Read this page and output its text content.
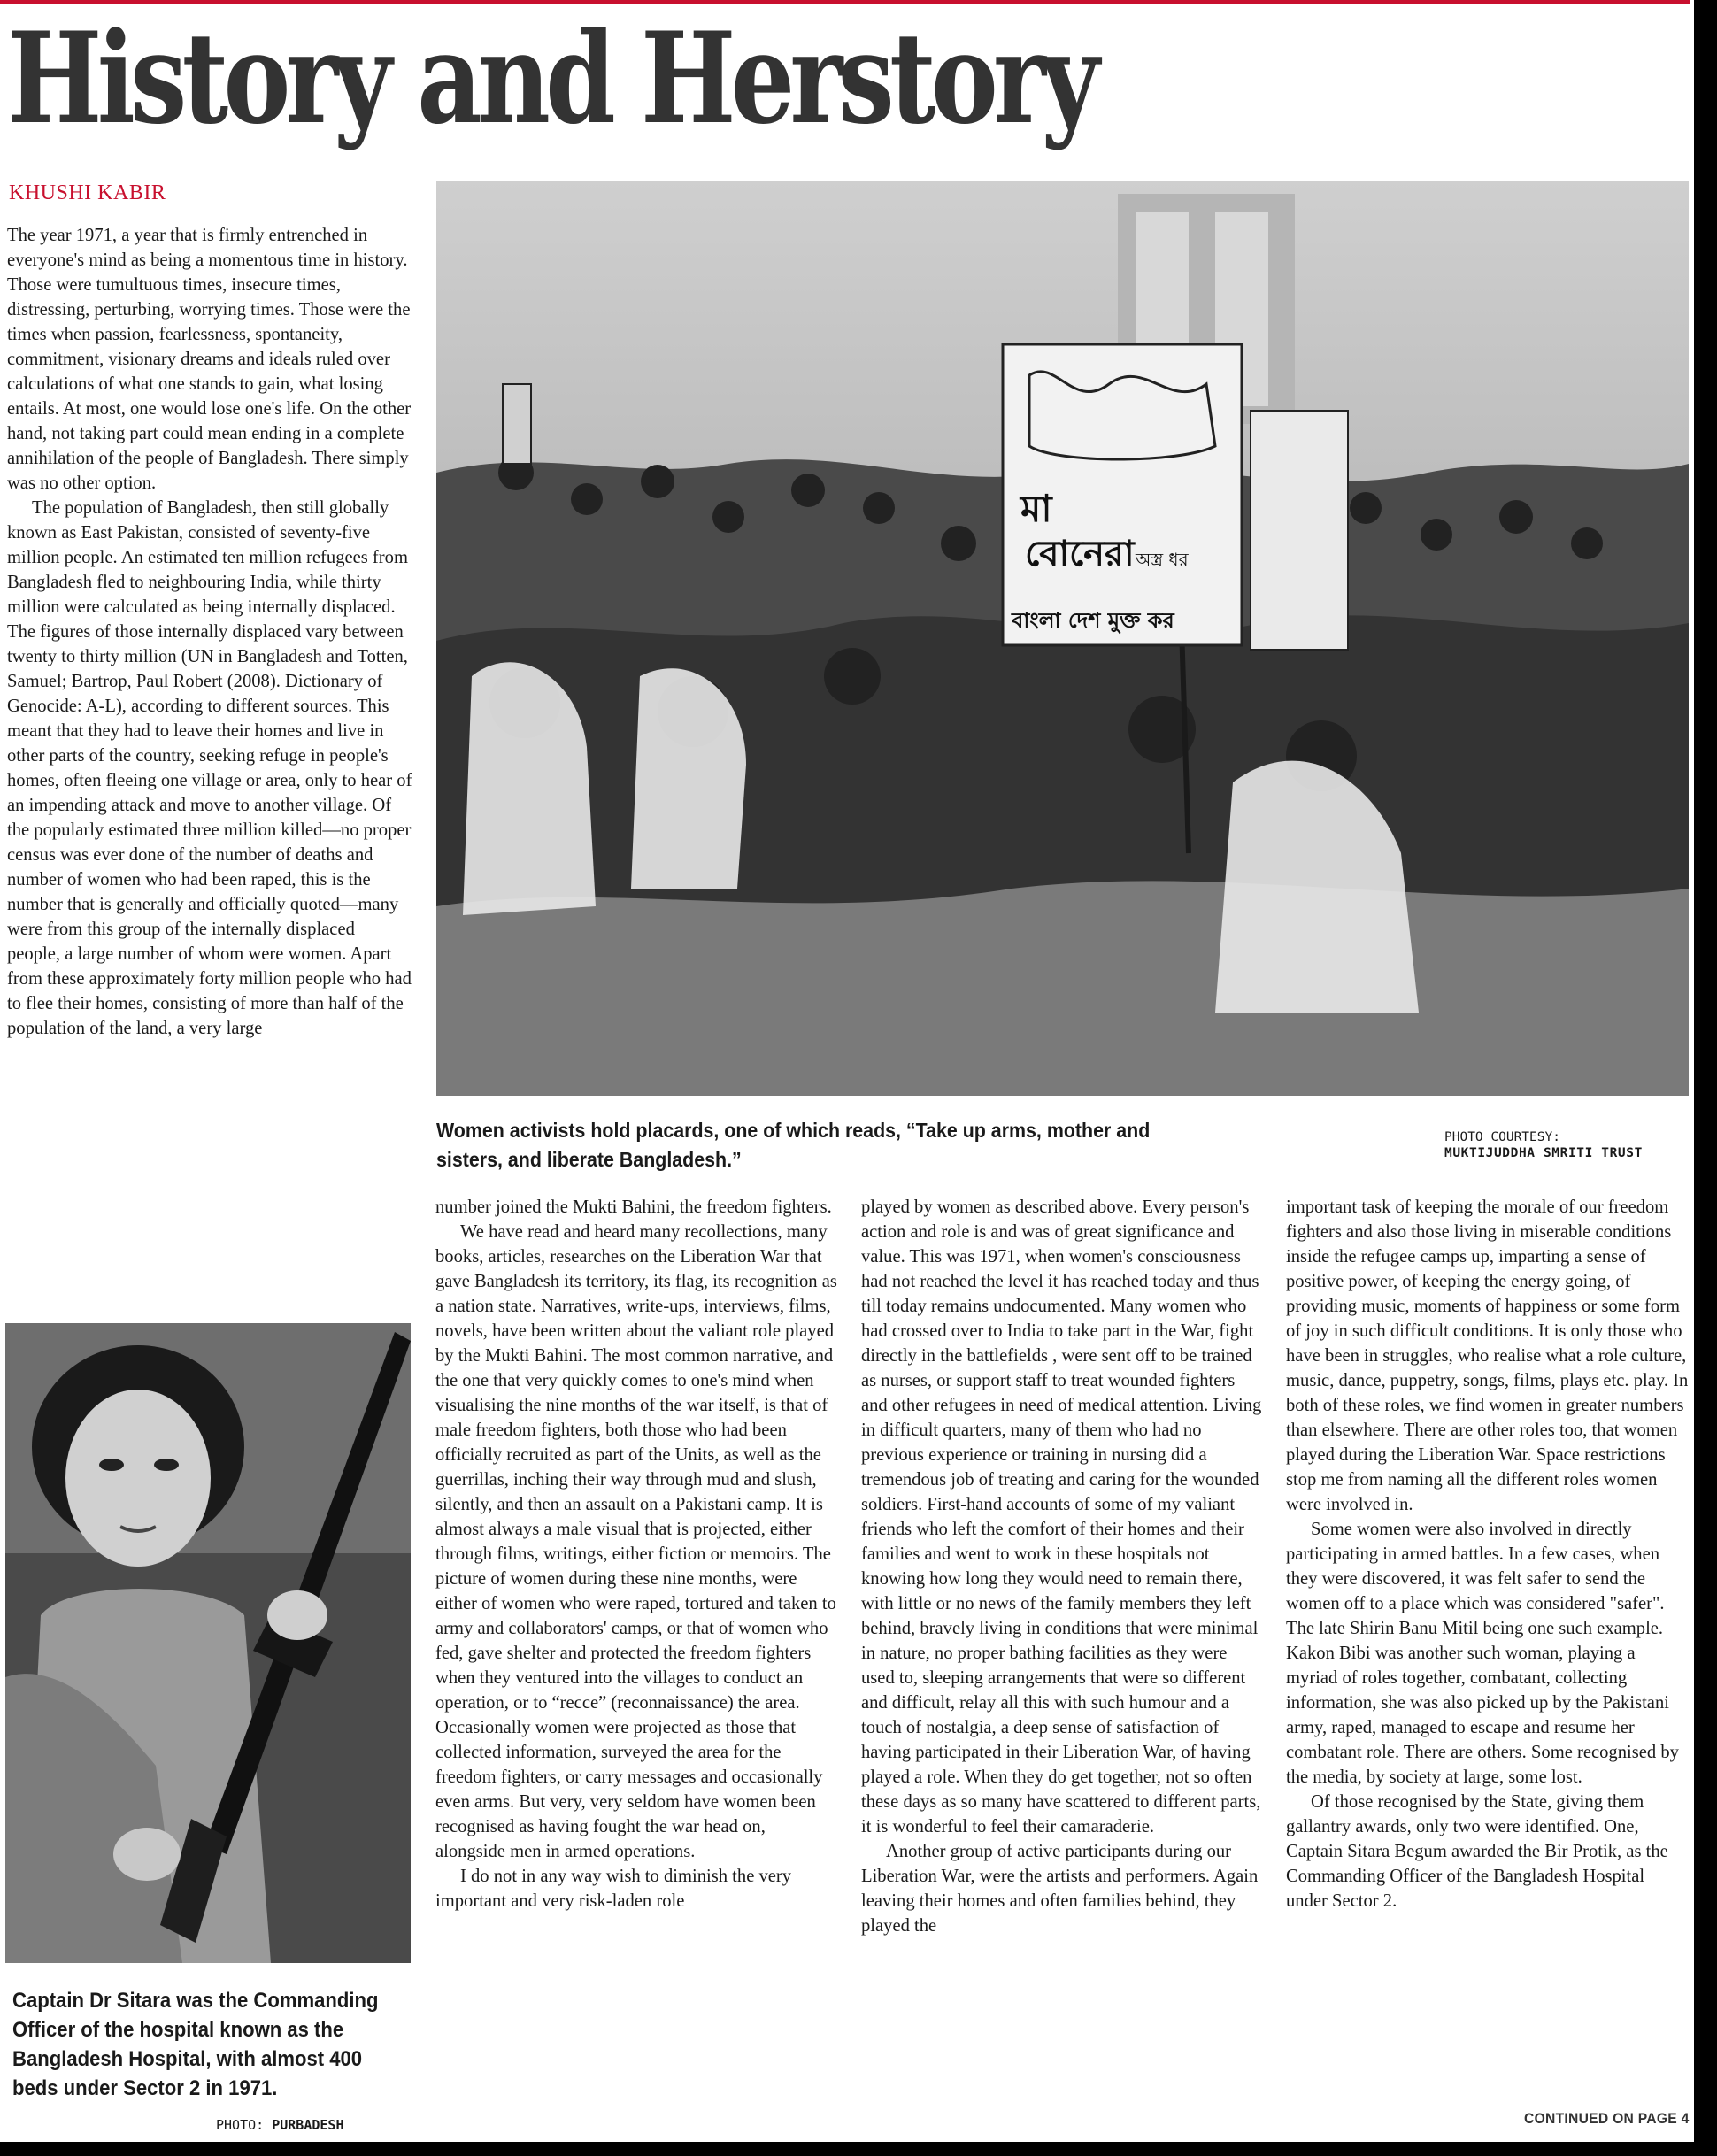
History and Herstory
KHUSHI KABIR

The year 1971, a year that is firmly entrenched in everyone's mind as being a momentous time in history. Those were tumultuous times, insecure times, distressing, perturbing, worrying times. Those were the times when passion, fearlessness, spontaneity, commitment, visionary dreams and ideals ruled over calculations of what one stands to gain, what losing entails. At most, one would lose one's life. On the other hand, not taking part could mean ending in a complete annihilation of the people of Bangladesh. There simply was no other option.

The population of Bangladesh, then still globally known as East Pakistan, consisted of seventy-five million people. An estimated ten million refugees from Bangladesh fled to neighbouring India, while thirty million were calculated as being internally displaced. The figures of those internally displaced vary between twenty to thirty million (UN in Bangladesh and Totten, Samuel; Bartrop, Paul Robert (2008). Dictionary of Genocide: A-L), according to different sources. This meant that they had to leave their homes and live in other parts of the country, seeking refuge in people's homes, often fleeing one village or area, only to hear of an impending attack and move to another village. Of the popularly estimated three million killed—no proper census was ever done of the number of deaths and number of women who had been raped, this is the number that is generally and officially quoted—many were from this group of the internally displaced people, a large number of whom were women. Apart from these approximately forty million people who had to flee their homes, consisting of more than half of the population of the land, a very large

মা
বোনেরা অস্ত্র ধর
বাংলা দেশ মুক্ত কর
Women activists hold placards, one of which reads, “Take up arms, mother and sisters, and liberate Bangladesh.”
PHOTO COURTESY:
MUKTIJUDDHA SMRITI TRUST
Captain Dr Sitara was the Commanding Officer of the hospital known as the Bangladesh Hospital, with almost 400 beds under Sector 2 in 1971.
PHOTO: PURBADESH

number joined the Mukti Bahini, the freedom fighters.

We have read and heard many recollections, many books, articles, researches on the Liberation War that gave Bangladesh its territory, its flag, its recognition as a nation state. Narratives, write-ups, interviews, films, novels, have been written about the valiant role played by the Mukti Bahini. The most common narrative, and the one that very quickly comes to one's mind when visualising the nine months of the war itself, is that of male freedom fighters, both those who had been officially recruited as part of the Units, as well as the guerrillas, inching their way through mud and slush, silently, and then an assault on a Pakistani camp. It is almost always a male visual that is projected, either through films, writings, either fiction or memoirs. The picture of women during these nine months, were either of women who were raped, tortured and taken to army and collaborators' camps, or that of women who fed, gave shelter and protected the freedom fighters when they ventured into the villages to conduct an operation, or to “recce” (reconnaissance) the area. Occasionally women were projected as those that collected information, surveyed the area for the freedom fighters, or carry messages and occasionally even arms. But very, very seldom have women been recognised as having fought the war head on, alongside men in armed operations.

I do not in any way wish to diminish the very important and very risk-laden role

played by women as described above. Every person's action and role is and was of great significance and value. This was 1971, when women's consciousness had not reached the level it has reached today and thus till today remains undocumented. Many women who had crossed over to India to take part in the War, fight directly in the battlefields , were sent off to be trained as nurses, or support staff to treat wounded fighters and other refugees in need of medical attention. Living in difficult quarters, many of them who had no previous experience or training in nursing did a tremendous job of treating and caring for the wounded soldiers. First-hand accounts of some of my valiant friends who left the comfort of their homes and their families and went to work in these hospitals not knowing how long they would need to remain there, with little or no news of the family members they left behind, bravely living in conditions that were minimal in nature, no proper bathing facilities as they were used to, sleeping arrangements that were so different and difficult, relay all this with such humour and a touch of nostalgia, a deep sense of satisfaction of having participated in their Liberation War, of having played a role. When they do get together, not so often these days as so many have scattered to different parts, it is wonderful to feel their camaraderie.

Another group of active participants during our Liberation War, were the artists and performers. Again leaving their homes and often families behind, they played the

important task of keeping the morale of our freedom fighters and also those living in miserable conditions inside the refugee camps up, imparting a sense of positive power, of keeping the energy going, of providing music, moments of happiness or some form of joy in such difficult conditions. It is only those who have been in struggles, who realise what a role culture, music, dance, puppetry, songs, films, plays etc. play. In both of these roles, we find women in greater numbers than elsewhere. There are other roles too, that women played during the Liberation War. Space restrictions stop me from naming all the different roles women were involved in.

Some women were also involved in directly participating in armed battles. In a few cases, when they were discovered, it was felt safer to send the women off to a place which was considered "safer". The late Shirin Banu Mitil being one such example. Kakon Bibi was another such woman, playing a myriad of roles together, combatant, collecting information, she was also picked up by the Pakistani army, raped, managed to escape and resume her combatant role. There are others. Some recognised by the media, by society at large, some lost.

Of those recognised by the State, giving them gallantry awards, only two were identified. One, Captain Sitara Begum awarded the Bir Protik, as the Commanding Officer of the Bangladesh Hospital under Sector 2.

CONTINUED ON PAGE 4
